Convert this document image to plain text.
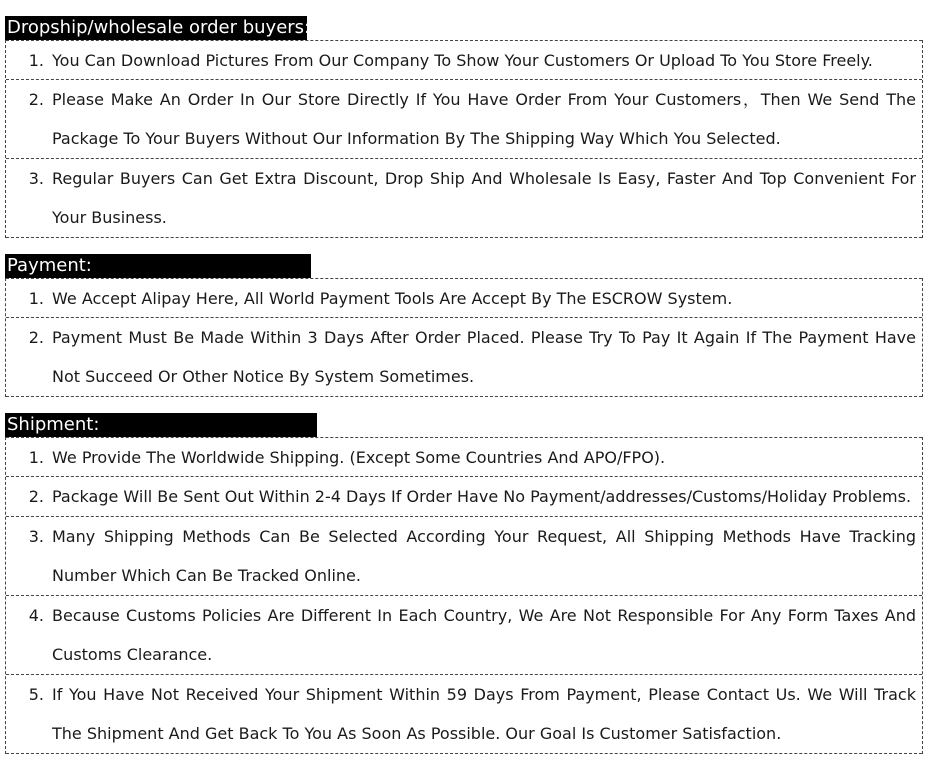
Dropship/wholesale order buyers:
1. You Can Download Pictures From Our Company To Show Your Customers Or Upload To You Store Freely.
2. Please Make An Order In Our Store Directly If You Have Order From Your Customers，Then We Send The Package To Your Buyers Without Our Information By The Shipping Way Which You Selected.
3. Regular Buyers Can Get Extra Discount, Drop Ship And Wholesale Is Easy, Faster And Top Convenient For Your Business.
Payment:
1. We Accept Alipay Here, All World Payment Tools Are Accept By The ESCROW System.
2. Payment Must Be Made Within 3 Days After Order Placed. Please Try To Pay It Again If The Payment Have Not Succeed Or Other Notice By System Sometimes.
Shipment:
1. We Provide The Worldwide Shipping. (Except Some Countries And APO/FPO).
2. Package Will Be Sent Out Within 2-4 Days If Order Have No Payment/addresses/Customs/Holiday Problems.
3. Many Shipping Methods Can Be Selected According Your Request, All Shipping Methods Have Tracking Number Which Can Be Tracked Online.
4. Because Customs Policies Are Different In Each Country, We Are Not Responsible For Any Form Taxes And Customs Clearance.
5. If You Have Not Received Your Shipment Within 59 Days From Payment, Please Contact Us. We Will Track The Shipment And Get Back To You As Soon As Possible. Our Goal Is Customer Satisfaction.
